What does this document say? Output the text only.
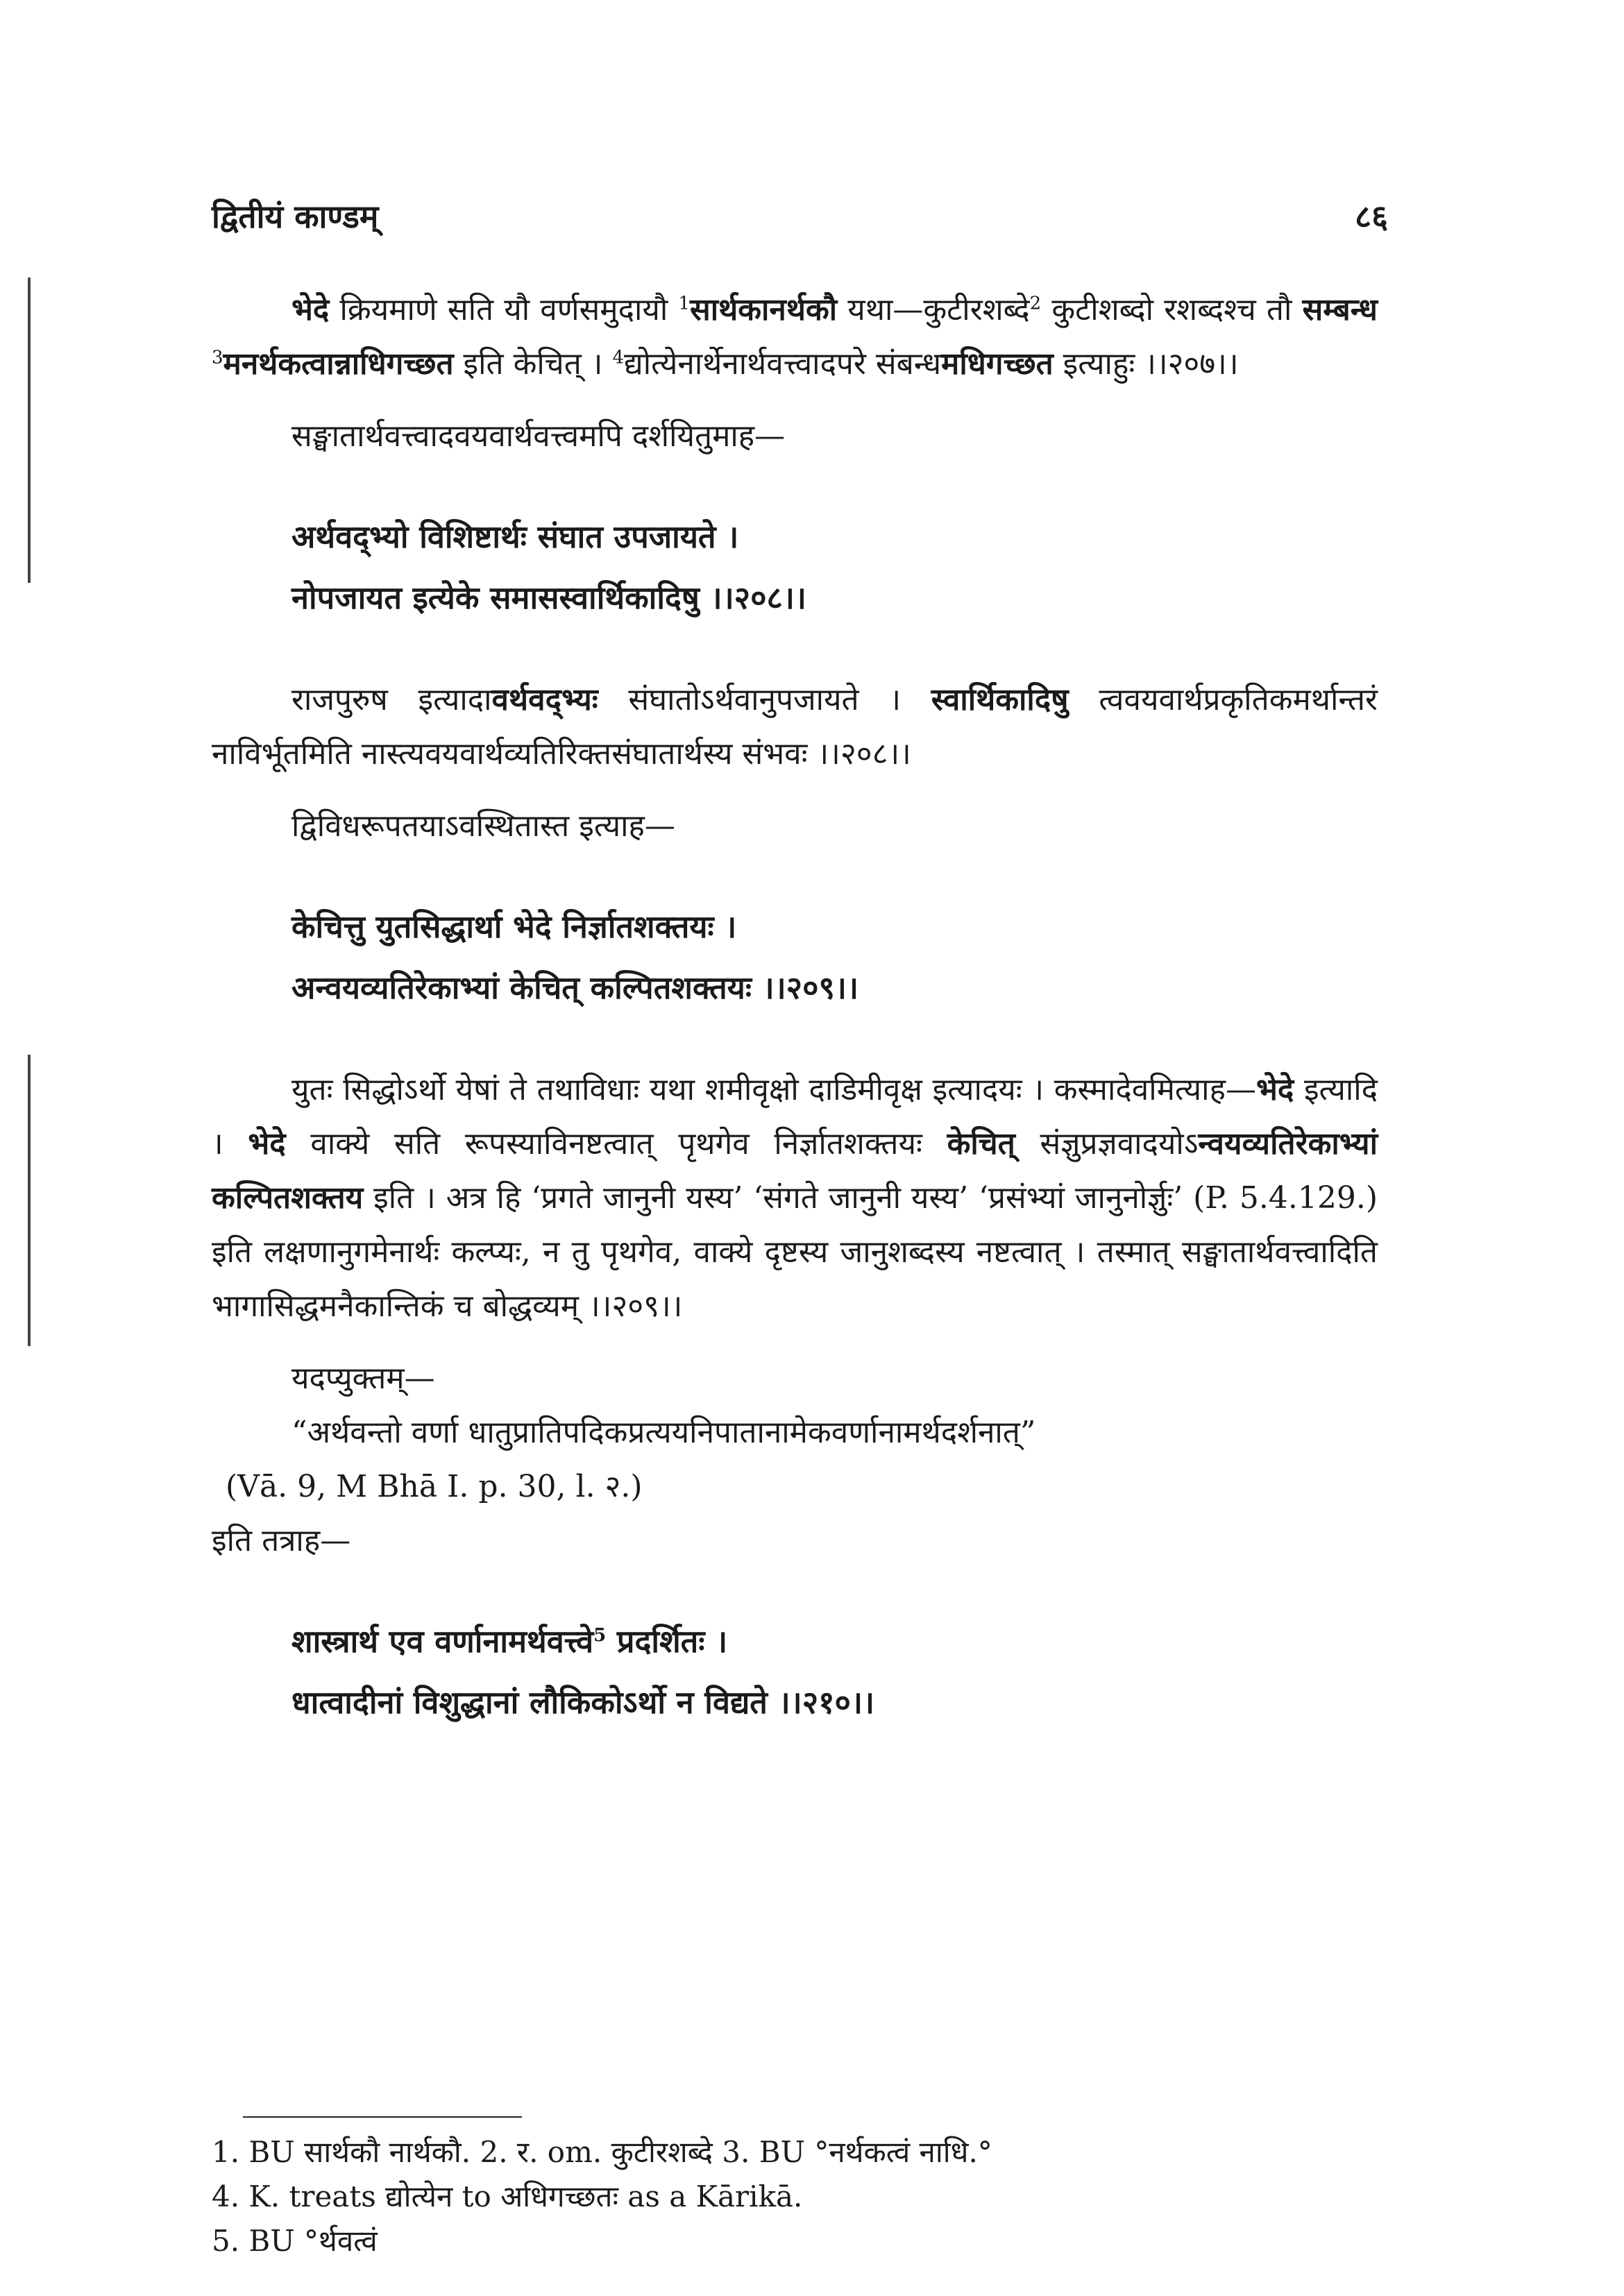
द्वितीयं काण्डम्	८६

भेदे क्रियमाणे सति यौ वर्णसमुदायौ $^1$सार्थकानर्थकौ यथा—कुटीरशब्दे$^2$ कुटीशब्दो रशब्दश्च तौ सम्बन्ध $^3$मनर्थकत्वान्नाधिगच्छत इति केचित् । $^4$द्योत्येनार्थेनार्थवत्त्वादपरे संबन्धमधिगच्छत इत्याहुः ।।२०७।।

सङ्घातार्थवत्त्वादवयवार्थवत्त्वमपि दर्शयितुमाह—

अर्थवद्भ्यो विशिष्टार्थः संघात उपजायते ।
नोपजायत इत्येके समासस्वार्थिकादिषु ।।२०८।।

राजपुरुष इत्यादावर्थवद्भ्यः संघातोऽर्थवानुपजायते । स्वार्थिकादिषु त्ववयवार्थप्रकृतिकमर्थान्तरं नाविर्भूतमिति नास्त्यवयवार्थव्यतिरिक्तसंघातार्थस्य संभवः ।।२०८।।

द्विविधरूपतयाऽवस्थितास्त इत्याह—

केचित्तु युतसिद्धार्था भेदे निर्ज्ञातशक्तयः ।
अन्वयव्यतिरेकाभ्यां केचित् कल्पितशक्तयः ।।२०९।।

युतः सिद्धोऽर्थो येषां ते तथाविधाः यथा शमीवृक्षो दाडिमीवृक्ष इत्यादयः । कस्मादेवमित्याह—भेदे इत्यादि । भेदे वाक्ये सति रूपस्याविनष्टत्वात् पृथगेव निर्ज्ञातशक्तयः केचित् संज्ञुप्रज्ञवादयोऽन्वयव्यतिरेकाभ्यां कल्पितशक्तय इति । अत्र हि ‘प्रगते जानुनी यस्य’ ‘संगते जानुनी यस्य’ ‘प्रसंभ्यां जानुनोर्ज्ञुः’ (P. 5.4.129.) इति लक्षणानुगमेनार्थः कल्प्यः, न तु पृथगेव, वाक्ये दृष्टस्य जानुशब्दस्य नष्टत्वात् । तस्मात् सङ्घातार्थवत्त्वादिति भागासिद्धमनैकान्तिकं च बोद्धव्यम् ।।२०९।।

यदप्युक्तम्—

“अर्थवन्तो वर्णा धातुप्रातिपदिकप्रत्ययनिपातानामेकवर्णानामर्थदर्शनात्”

(Vā. 9, M Bhā I. p. 30, l. २.)

इति तत्राह—

शास्त्रार्थ एव वर्णानामर्थवत्त्वे$^5$ प्रदर्शितः ।
धात्वादीनां विशुद्धानां लौकिकोऽर्थो न विद्यते ।।२१०।।
1. BU सार्थकौ नार्थकौ. 2. र. om. कुटीरशब्दे 3. BU °नर्थकत्वं नाधि.°
4. K. treats द्योत्येन to अधिगच्छतः as a Kārikā.
5. BU °र्थवत्वं
